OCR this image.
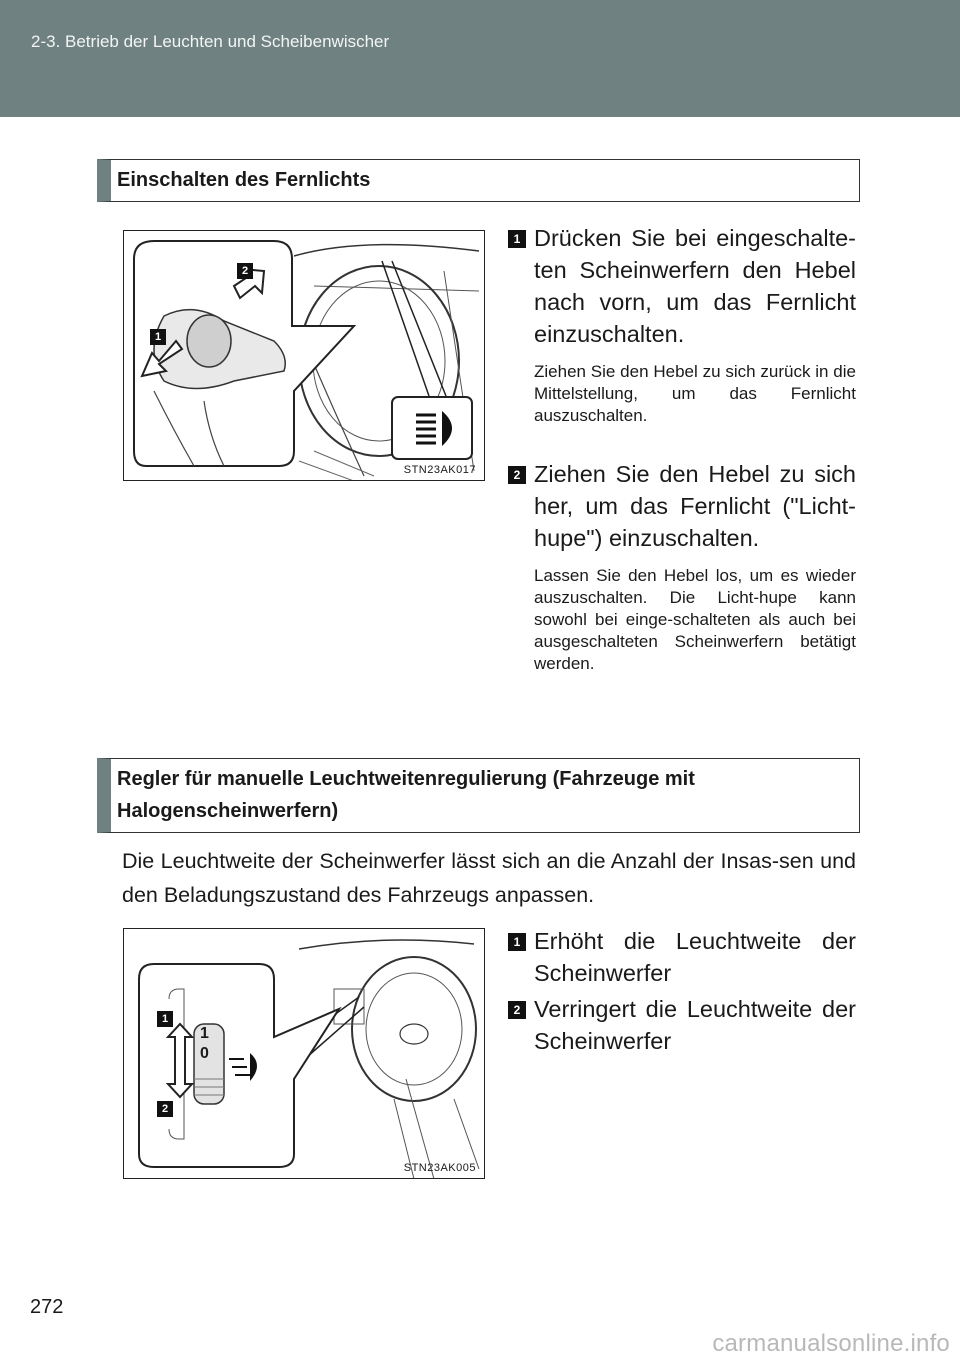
2-3. Betrieb der Leuchten und Scheibenwischer
Einschalten des Fernlichts
2
1
STN23AK017
1 Drücken Sie bei eingeschalte-ten Scheinwerfern den Hebel nach vorn, um das Fernlicht einzuschalten.
Ziehen Sie den Hebel zu sich zurück in die Mittelstellung, um das Fernlicht auszuschalten.
2 Ziehen Sie den Hebel zu sich her, um das Fernlicht ("Licht-hupe") einzuschalten.
Lassen Sie den Hebel los, um es wieder auszuschalten. Die Licht-hupe kann sowohl bei einge-schalteten als auch bei ausgeschalteten Scheinwerfern betätigt werden.
Regler für manuelle Leuchtweitenregulierung (Fahrzeuge mit Halogenscheinwerfern)
Die Leuchtweite der Scheinwerfer lässt sich an die Anzahl der Insas-sen und den Beladungszustand des Fahrzeugs anpassen.
1
0
1
2
STN23AK005
1 Erhöht die Leuchtweite der Scheinwerfer
2 Verringert die Leuchtweite der Scheinwerfer
272
carmanualsonline.info
